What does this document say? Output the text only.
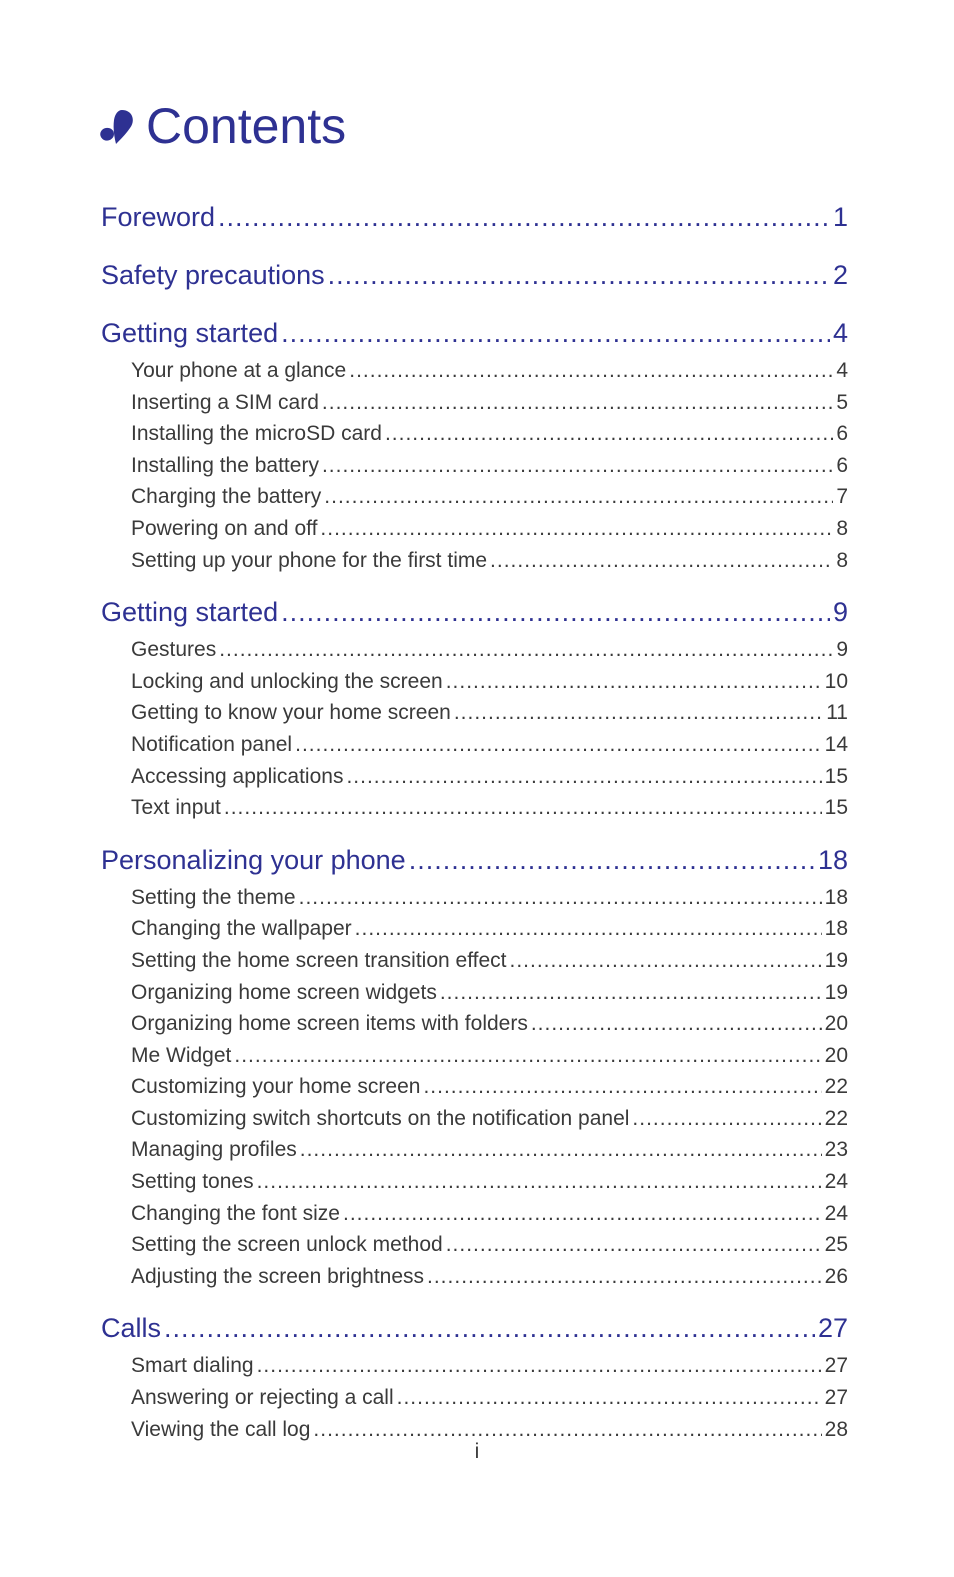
Contents
Foreword .....	1
Safety precautions .....	2
Getting started .....	4
Your phone at a glance .....	4
Inserting a SIM card .....	5
Installing the microSD card .....	6
Installing the battery .....	6
Charging the battery .....	7
Powering on and off .....	8
Setting up your phone for the first time .....	8
Getting started .....	9
Gestures .....	9
Locking and unlocking the screen .....	10
Getting to know your home screen .....	11
Notification panel .....	14
Accessing applications .....	15
Text input .....	15
Personalizing your phone .....	18
Setting the theme .....	18
Changing the wallpaper .....	18
Setting the home screen transition effect .....	19
Organizing home screen widgets .....	19
Organizing home screen items with folders .....	20
Me Widget .....	20
Customizing your home screen .....	22
Customizing switch shortcuts on the notification panel .....	22
Managing profiles .....	23
Setting tones .....	24
Changing the font size .....	24
Setting the screen unlock method .....	25
Adjusting the screen brightness .....	26
Calls .....	27
Smart dialing .....	27
Answering or rejecting a call .....	27
Viewing the call log .....	28
i
